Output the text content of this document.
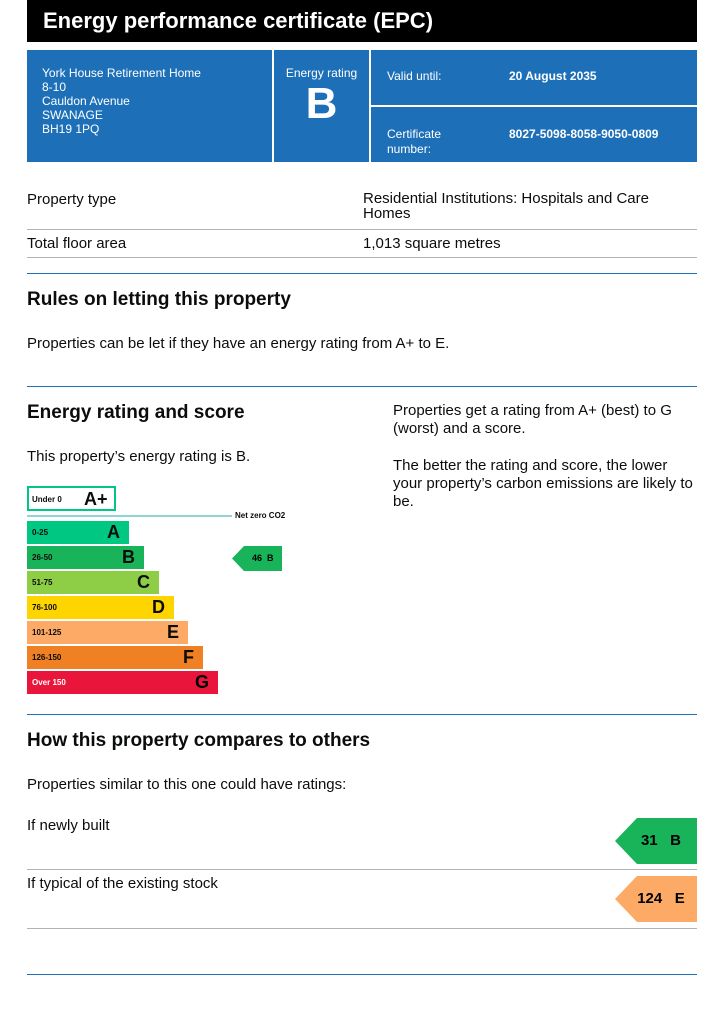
Energy performance certificate (EPC)
York House Retirement Home
8-10
Cauldon Avenue
SWANAGE
BH19 1PQ
Energy rating
B
Valid until:	20 August 2035
Certificate
number:
8027-5098-8058-9050-0809
Property type	Residential Institutions: Hospitals and Care Homes
Total floor area	1,013 square metres
Rules on letting this property

Properties can be let if they have an energy rating from A+ to E.

Energy rating and score

This property’s energy rating is B.

Properties get a rating from A+ (best) to G (worst) and a score.

The better the rating and score, the lower your property’s carbon emissions are likely to be.

Under 0 A+
Net zero CO2
0-25	A
26-50	B
51-75	C
76-100	D
101-125	E
126-150	F
Over 150	G
46 B
How this property compares to others

Properties similar to this one could have ratings:

If newly built

31 B

If typical of the existing stock

124 E
